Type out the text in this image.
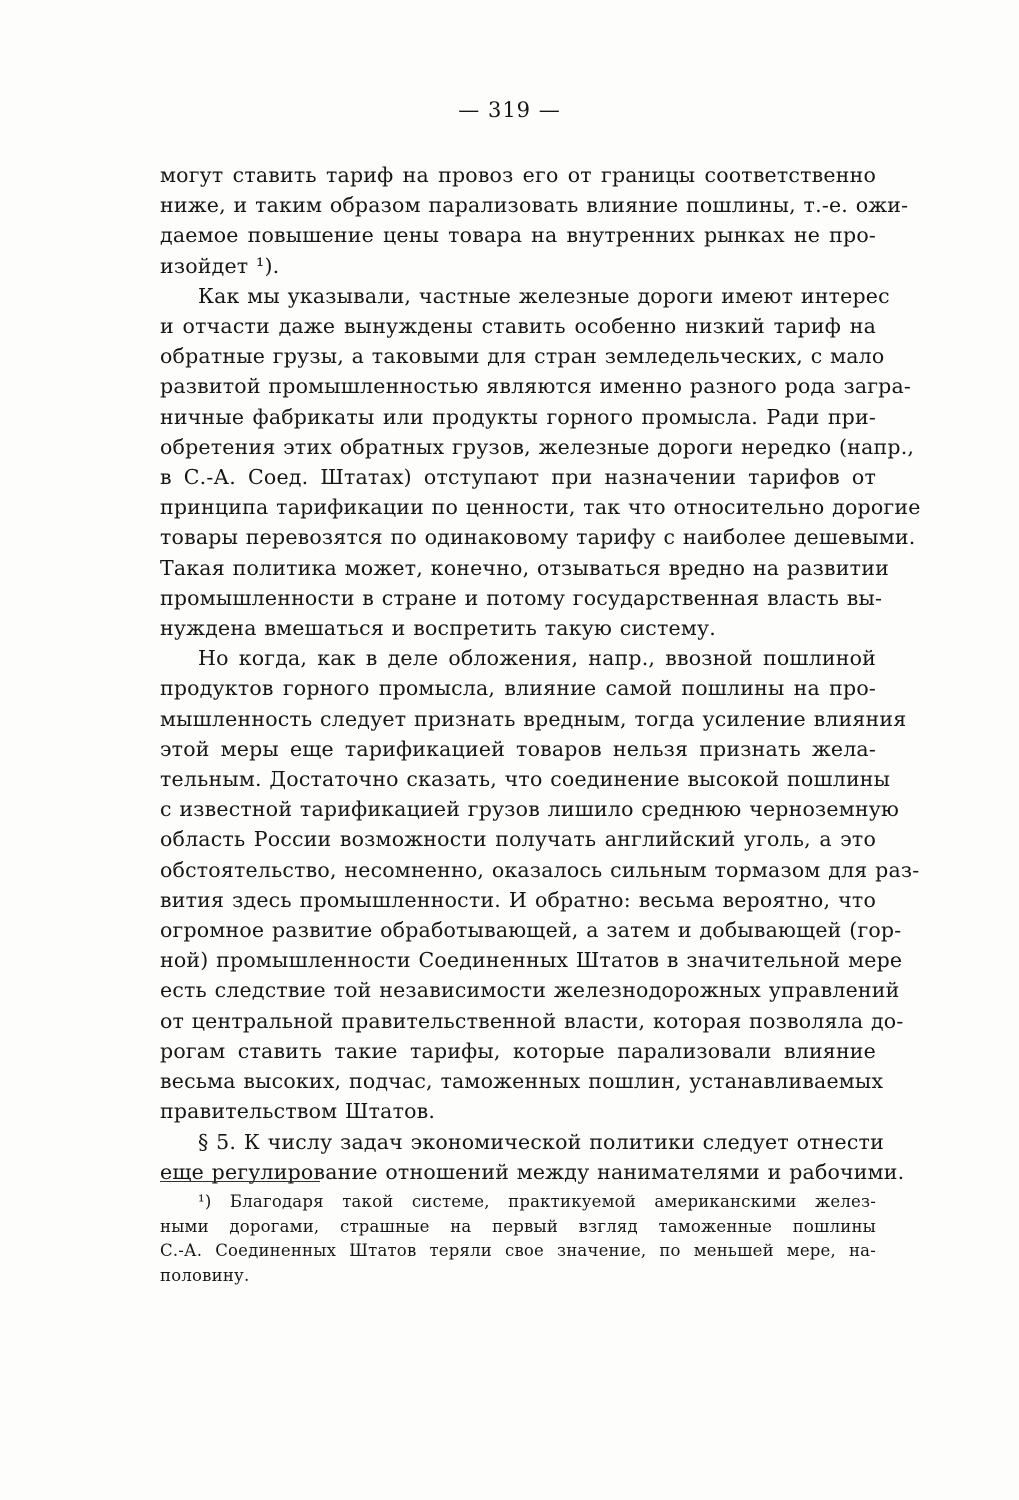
— 319 —
могут ставить тариф на провоз его от границы соответственно
ниже, и таким образом парализовать влияние пошлины, т.-е. ожи-
даемое повышение цены товара на внутренних рынках не про-
изойдет ¹).
Как мы указывали, частные железные дороги имеют интерес
и отчасти даже вынуждены ставить особенно низкий тариф на
обратные грузы, а таковыми для стран земледельческих, с мало
развитой промышленностью являются именно разного рода загра-
ничные фабрикаты или продукты горного промысла. Ради при-
обретения этих обратных грузов, железные дороги нередко (напр.,
в С.-А. Соед. Штатах) отступают при назначении тарифов от
принципа тарификации по ценности, так что относительно дорогие
товары перевозятся по одинаковому тарифу с наиболее дешевыми.
Такая политика может, конечно, отзываться вредно на развитии
промышленности в стране и потому государственная власть вы-
нуждена вмешаться и воспретить такую систему.
Но когда, как в деле обложения, напр., ввозной пошлиной
продуктов горного промысла, влияние самой пошлины на про-
мышленность следует признать вредным, тогда усиление влияния
этой меры еще тарификацией товаров нельзя признать жела-
тельным. Достаточно сказать, что соединение высокой пошлины
с известной тарификацией грузов лишило среднюю черноземную
область России возможности получать английский уголь, а это
обстоятельство, несомненно, оказалось сильным тормазом для раз-
вития здесь промышленности. И обратно: весьма вероятно, что
огромное развитие обработывающей, а затем и добывающей (гор-
ной) промышленности Соединенных Штатов в значительной мере
есть следствие той независимости железнодорожных управлений
от центральной правительственной власти, которая позволяла до-
рогам ставить такие тарифы, которые парализовали влияние
весьма высоких, подчас, таможенных пошлин, устанавливаемых
правительством Штатов.
§ 5. К числу задач экономической политики следует отнести
еще регулирование отношений между нанимателями и рабочими.
¹) Благодаря такой системе, практикуемой американскими желез-
ными дорогами, страшные на первый взгляд таможенные пошлины
С.-А. Соединенных Штатов теряли свое значение, по меньшей мере, на-
половину.
